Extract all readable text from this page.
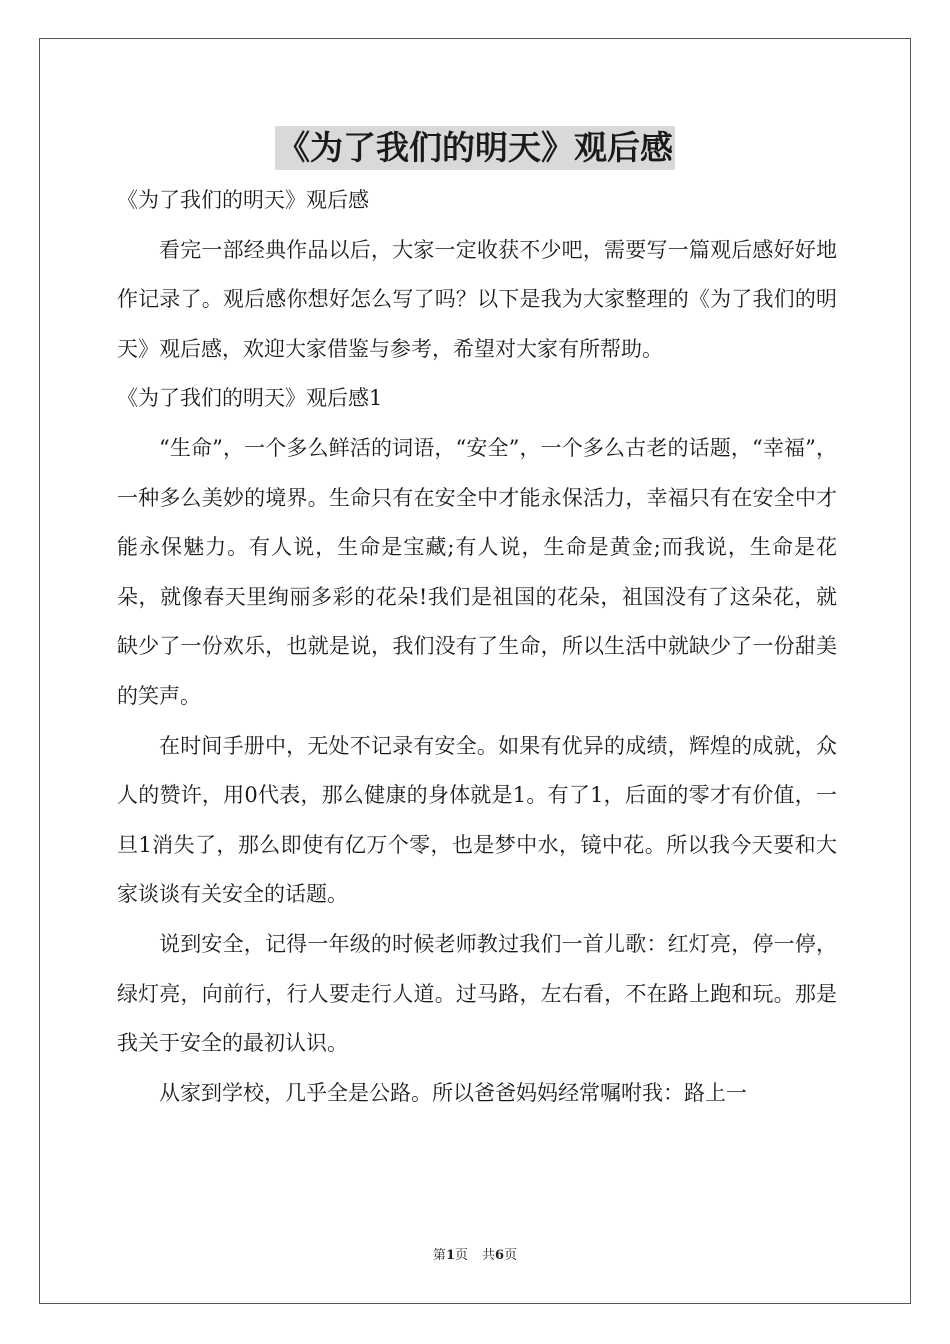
《为了我们的明天》观后感

《为了我们的明天》观后感

看完一部经典作品以后，大家一定收获不少吧，需要写一篇观后感好好地作记录了。观后感你想好怎么写了吗？以下是我为大家整理的《为了我们的明天》观后感，欢迎大家借鉴与参考，希望对大家有所帮助。

《为了我们的明天》观后感1

“生命”，一个多么鲜活的词语，“安全”，一个多么古老的话题，“幸福”，一种多么美妙的境界。生命只有在安全中才能永保活力，幸福只有在安全中才能永保魅力。有人说，生命是宝藏;有人说，生命是黄金;而我说，生命是花朵，就像春天里绚丽多彩的花朵!我们是祖国的花朵，祖国没有了这朵花，就缺少了一份欢乐，也就是说，我们没有了生命，所以生活中就缺少了一份甜美的笑声。

在时间手册中，无处不记录有安全。如果有优异的成绩，辉煌的成就，众人的赞许，用0代表，那么健康的身体就是1。有了1，后面的零才有价值，一旦1消失了，那么即使有亿万个零，也是梦中水，镜中花。所以我今天要和大家谈谈有关安全的话题。

说到安全，记得一年级的时候老师教过我们一首儿歌：红灯亮，停一停，绿灯亮，向前行，行人要走行人道。过马路，左右看，不在路上跑和玩。那是我关于安全的最初认识。

从家到学校，几乎全是公路。所以爸爸妈妈经常嘱咐我：路上一

第1页 共6页
